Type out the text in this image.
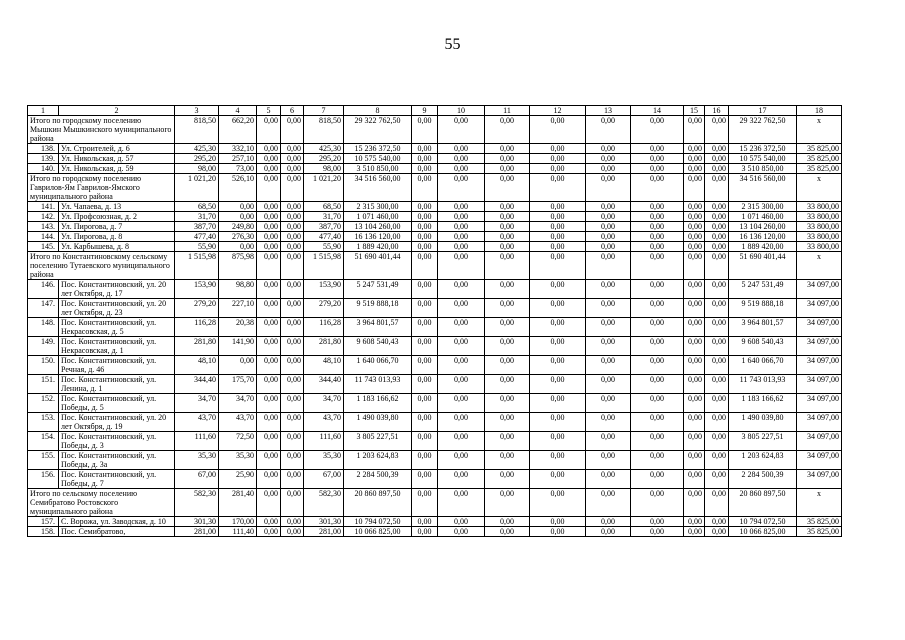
55
1	2	3	4	5	6	7	8	9	10	11	12	13	14	15	16	17	18
Итого по городскому поселению Мышкин Мышкинского муниципального района		818,50	662,20	0,00	0,00	818,50	29 322 762,50	0,00	0,00	0,00	0,00	0,00	0,00	0,00	0,00	29 322 762,50	х
138.	Ул. Строителей, д. 6	425,30	332,10	0,00	0,00	425,30	15 236 372,50	0,00	0,00	0,00	0,00	0,00	0,00	0,00	0,00	15 236 372,50	35 825,00
139.	Ул. Никольская, д. 57	295,20	257,10	0,00	0,00	295,20	10 575 540,00	0,00	0,00	0,00	0,00	0,00	0,00	0,00	0,00	10 575 540,00	35 825,00
140.	Ул. Никольская, д. 59	98,00	73,00	0,00	0,00	98,00	3 510 850,00	0,00	0,00	0,00	0,00	0,00	0,00	0,00	0,00	3 510 850,00	35 825,00
Итого по городскому поселению Гаврилов-Ям Гаврилов-Ямского муниципального района		1 021,20	526,10	0,00	0,00	1 021,20	34 516 560,00	0,00	0,00	0,00	0,00	0,00	0,00	0,00	0,00	34 516 560,00	х
141.	Ул. Чапаева, д. 13	68,50	0,00	0,00	0,00	68,50	2 315 300,00	0,00	0,00	0,00	0,00	0,00	0,00	0,00	0,00	2 315 300,00	33 800,00
142.	Ул. Профсоюзная, д. 2	31,70	0,00	0,00	0,00	31,70	1 071 460,00	0,00	0,00	0,00	0,00	0,00	0,00	0,00	0,00	1 071 460,00	33 800,00
143.	Ул. Пирогова, д. 7	387,70	249,80	0,00	0,00	387,70	13 104 260,00	0,00	0,00	0,00	0,00	0,00	0,00	0,00	0,00	13 104 260,00	33 800,00
144.	Ул. Пирогова, д. 8	477,40	276,30	0,00	0,00	477,40	16 136 120,00	0,00	0,00	0,00	0,00	0,00	0,00	0,00	0,00	16 136 120,00	33 800,00
145.	Ул. Карбышева, д. 8	55,90	0,00	0,00	0,00	55,90	1 889 420,00	0,00	0,00	0,00	0,00	0,00	0,00	0,00	0,00	1 889 420,00	33 800,00
Итого по Константиновскому сельскому поселению Тутаевского муниципального района		1 515,98	875,98	0,00	0,00	1 515,98	51 690 401,44	0,00	0,00	0,00	0,00	0,00	0,00	0,00	0,00	51 690 401,44	х
146.	Пос. Константиновский, ул. 20 лет Октября, д. 17	153,90	98,80	0,00	0,00	153,90	5 247 531,49	0,00	0,00	0,00	0,00	0,00	0,00	0,00	0,00	5 247 531,49	34 097,00
147.	Пос. Константиновский, ул. 20 лет Октября, д. 23	279,20	227,10	0,00	0,00	279,20	9 519 888,18	0,00	0,00	0,00	0,00	0,00	0,00	0,00	0,00	9 519 888,18	34 097,00
148.	Пос. Константиновский, ул. Некрасовская, д. 5	116,28	20,38	0,00	0,00	116,28	3 964 801,57	0,00	0,00	0,00	0,00	0,00	0,00	0,00	0,00	3 964 801,57	34 097,00
149.	Пос. Константиновский, ул. Некрасовская, д. 1	281,80	141,90	0,00	0,00	281,80	9 608 540,43	0,00	0,00	0,00	0,00	0,00	0,00	0,00	0,00	9 608 540,43	34 097,00
150.	Пос. Константиновский, ул. Речная, д. 46	48,10	0,00	0,00	0,00	48,10	1 640 066,70	0,00	0,00	0,00	0,00	0,00	0,00	0,00	0,00	1 640 066,70	34 097,00
151.	Пос. Константиновский, ул. Ленина, д. 1	344,40	175,70	0,00	0,00	344,40	11 743 013,93	0,00	0,00	0,00	0,00	0,00	0,00	0,00	0,00	11 743 013,93	34 097,00
152.	Пос. Константиновский, ул. Победы, д. 5	34,70	34,70	0,00	0,00	34,70	1 183 166,62	0,00	0,00	0,00	0,00	0,00	0,00	0,00	0,00	1 183 166,62	34 097,00
153.	Пос. Константиновский, ул. 20 лет Октября, д. 19	43,70	43,70	0,00	0,00	43,70	1 490 039,80	0,00	0,00	0,00	0,00	0,00	0,00	0,00	0,00	1 490 039,80	34 097,00
154.	Пос. Константиновский, ул. Победы, д. 3	111,60	72,50	0,00	0,00	111,60	3 805 227,51	0,00	0,00	0,00	0,00	0,00	0,00	0,00	0,00	3 805 227,51	34 097,00
155.	Пос. Константиновский, ул. Победы, д. 3а	35,30	35,30	0,00	0,00	35,30	1 203 624,83	0,00	0,00	0,00	0,00	0,00	0,00	0,00	0,00	1 203 624,83	34 097,00
156.	Пос. Константиновский, ул. Победы, д. 7	67,00	25,90	0,00	0,00	67,00	2 284 500,39	0,00	0,00	0,00	0,00	0,00	0,00	0,00	0,00	2 284 500,39	34 097,00
Итого по сельскому поселению Семибратово Ростовского муниципального района		582,30	281,40	0,00	0,00	582,30	20 860 897,50	0,00	0,00	0,00	0,00	0,00	0,00	0,00	0,00	20 860 897,50	х
157.	С. Ворожа, ул. Заводская, д. 10	301,30	170,00	0,00	0,00	301,30	10 794 072,50	0,00	0,00	0,00	0,00	0,00	0,00	0,00	0,00	10 794 072,50	35 825,00
158.	Пос. Семибратово,	281,00	111,40	0,00	0,00	281,00	10 066 825,00	0,00	0,00	0,00	0,00	0,00	0,00	0,00	0,00	10 066 825,00	35 825,00
